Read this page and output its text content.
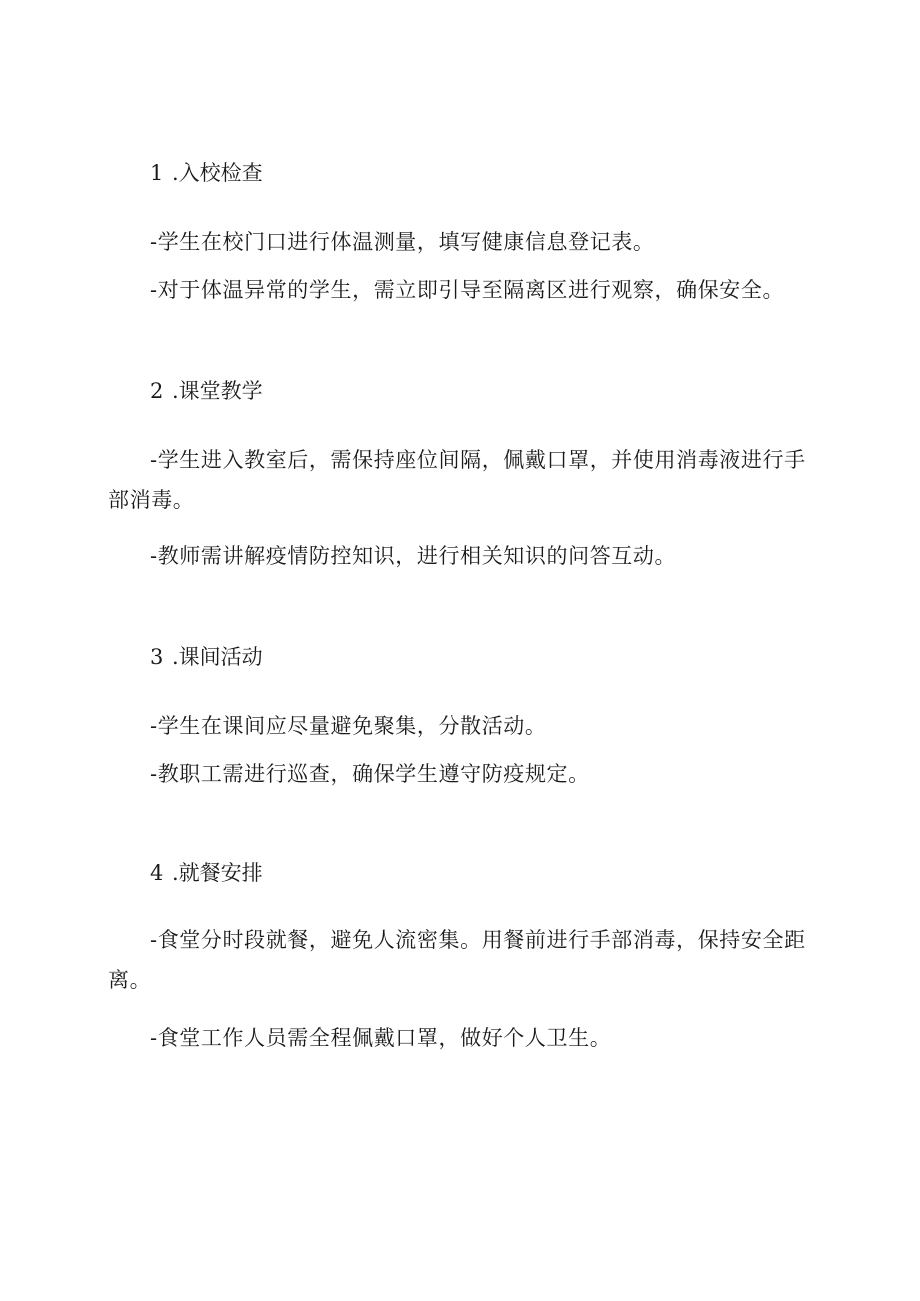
1 .入校检查
-学生在校门口进行体温测量，填写健康信息登记表。
-对于体温异常的学生，需立即引导至隔离区进行观察，确保安全。
2 .课堂教学
-学生进入教室后，需保持座位间隔，佩戴口罩，并使用消毒液进行手部消毒。
-教师需讲解疫情防控知识，进行相关知识的问答互动。
3 .课间活动
-学生在课间应尽量避免聚集，分散活动。
-教职工需进行巡查，确保学生遵守防疫规定。
4 .就餐安排
-食堂分时段就餐，避免人流密集。用餐前进行手部消毒，保持安全距离。
-食堂工作人员需全程佩戴口罩，做好个人卫生。
